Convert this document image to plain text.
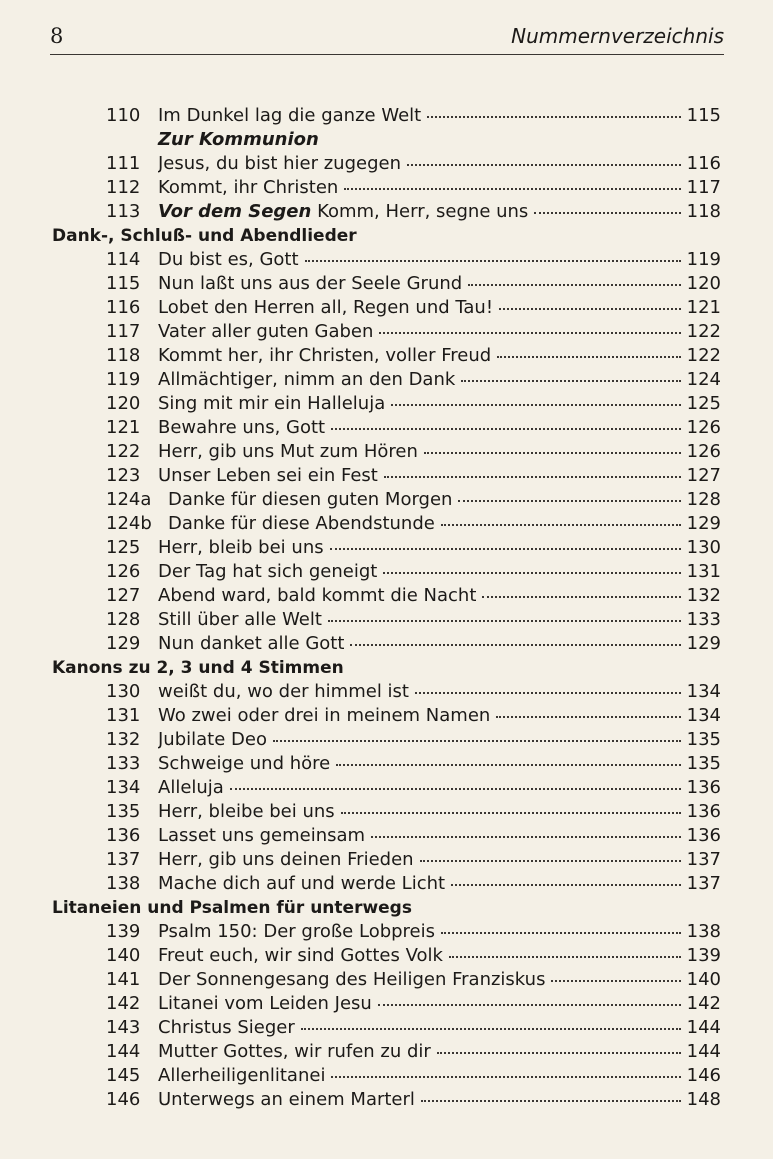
8	Nummernverzeichnis
110 Im Dunkel lag die ganze Welt	115
Zur Kommunion
111 Jesus, du bist hier zugegen	116
112 Kommt, ihr Christen	117
113 Vor dem Segen Komm, Herr, segne uns	118
Dank-, Schluß- und Abendlieder
114 Du bist es, Gott	119
115 Nun laßt uns aus der Seele Grund	120
116 Lobet den Herren all, Regen und Tau!	121
117 Vater aller guten Gaben	122
118 Kommt her, ihr Christen, voller Freud	122
119 Allmächtiger, nimm an den Dank	124
120 Sing mit mir ein Halleluja	125
121 Bewahre uns, Gott	126
122 Herr, gib uns Mut zum Hören	126
123 Unser Leben sei ein Fest	127
124a Danke für diesen guten Morgen	128
124b Danke für diese Abendstunde	129
125 Herr, bleib bei uns	130
126 Der Tag hat sich geneigt	131
127 Abend ward, bald kommt die Nacht	132
128 Still über alle Welt	133
129 Nun danket alle Gott	129
Kanons zu 2, 3 und 4 Stimmen
130 weißt du, wo der himmel ist	134
131 Wo zwei oder drei in meinem Namen	134
132 Jubilate Deo	135
133 Schweige und höre	135
134 Alleluja	136
135 Herr, bleibe bei uns	136
136 Lasset uns gemeinsam	136
137 Herr, gib uns deinen Frieden	137
138 Mache dich auf und werde Licht	137
Litaneien und Psalmen für unterwegs
139 Psalm 150: Der große Lobpreis	138
140 Freut euch, wir sind Gottes Volk	139
141 Der Sonnengesang des Heiligen Franziskus	140
142 Litanei vom Leiden Jesu	142
143 Christus Sieger	144
144 Mutter Gottes, wir rufen zu dir	144
145 Allerheiligenlitanei	146
146 Unterwegs an einem Marterl	148
